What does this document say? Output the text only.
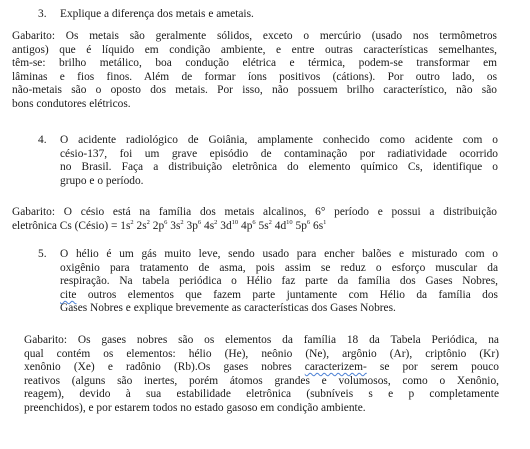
3.	Explique a diferença dos metais e ametais.
Gabarito: Os metais são geralmente sólidos, exceto o mercúrio (usado nos termômetros
antigos) que é líquido em condição ambiente, e entre outras características semelhantes,
têm-se: brilho metálico, boa condução elétrica e térmica, podem-se transformar em
lâminas e fios finos. Além de formar íons positivos (cátions). Por outro lado, os
não-metais são o oposto dos metais. Por isso, não possuem brilho característico, não são
bons condutores elétricos.
4.	O acidente radiológico de Goiânia, amplamente conhecido como acidente com o
césio-137, foi um grave episódio de contaminação por radiatividade ocorrido
no Brasil. Faça a distribuição eletrônica do elemento químico Cs, identifique o
grupo e o período.
Gabarito: O césio está na família dos metais alcalinos, 6° período e possui a distribuição
eletrônica Cs (Césio) = $1s^2$ $2s^2$ $2p^6$ $3s^2$ $3p^6$ $4s^2$ $3d^{10}$ $4p^6$ $5s^2$ $4d^{10}$ $5p^6$ $6s^1$
5.	O hélio é um gás muito leve, sendo usado para encher balões e misturado com o
oxigênio para tratamento de asma, pois assim se reduz o esforço muscular da
respiração. Na tabela periódica o Hélio faz parte da família dos Gases Nobres,
cite outros elementos que fazem parte juntamente com Hélio da família dos
Gases Nobres e explique brevemente as características dos Gases Nobres.
Gabarito: Os gases nobres são os elementos da família 18 da Tabela Periódica, na
qual contém os elementos: hélio (He), neônio (Ne), argônio (Ar), criptônio (Kr)
xenônio (Xe) e radônio (Rb).Os gases nobres caracterizem- se por serem pouco
reativos (alguns são inertes, porém átomos grandes e volumosos, como o Xenônio,
reagem), devido à sua estabilidade eletrônica (subníveis s e p completamente
preenchidos), e por estarem todos no estado gasoso em condição ambiente.
